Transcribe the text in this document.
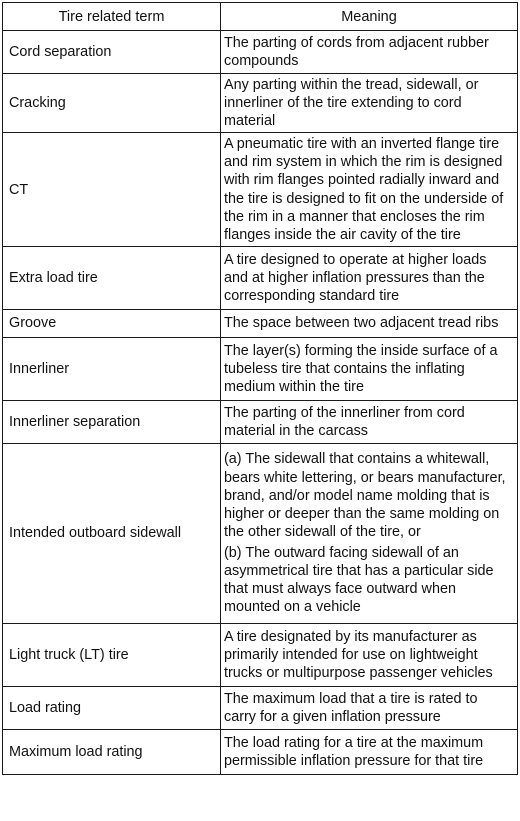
Tire related term	Meaning
Cord separation	The parting of cords from adjacent rubber compounds

Cracking	Any parting within the tread, sidewall, or innerliner of the tire extending to cord material

CT	A pneumatic tire with an inverted flange tire and rim system in which the rim is designed with rim flanges pointed radially inward and the tire is designed to fit on the underside of the rim in a manner that encloses the rim flanges inside the air cavity of the tire

Extra load tire	A tire designed to operate at higher loads and at higher inflation pressures than the corresponding standard tire

Groove	The space between two adjacent tread ribs

Innerliner	The layer(s) forming the inside surface of a tubeless tire that contains the inflating medium within the tire

Innerliner separation	The parting of the innerliner from cord material in the carcass

Intended outboard sidewall	(a) The sidewall that contains a whitewall, bears white lettering, or bears manufacturer, brand, and/or model name molding that is higher or deeper than the same molding on the other sidewall of the tire, or
(b) The outward facing sidewall of an asymmetrical tire that has a particular side that must always face outward when mounted on a vehicle

Light truck (LT) tire	A tire designated by its manufacturer as primarily intended for use on lightweight trucks or multipurpose passenger vehicles

Load rating	The maximum load that a tire is rated to carry for a given inflation pressure

Maximum load rating	The load rating for a tire at the maximum permissible inflation pressure for that tire
